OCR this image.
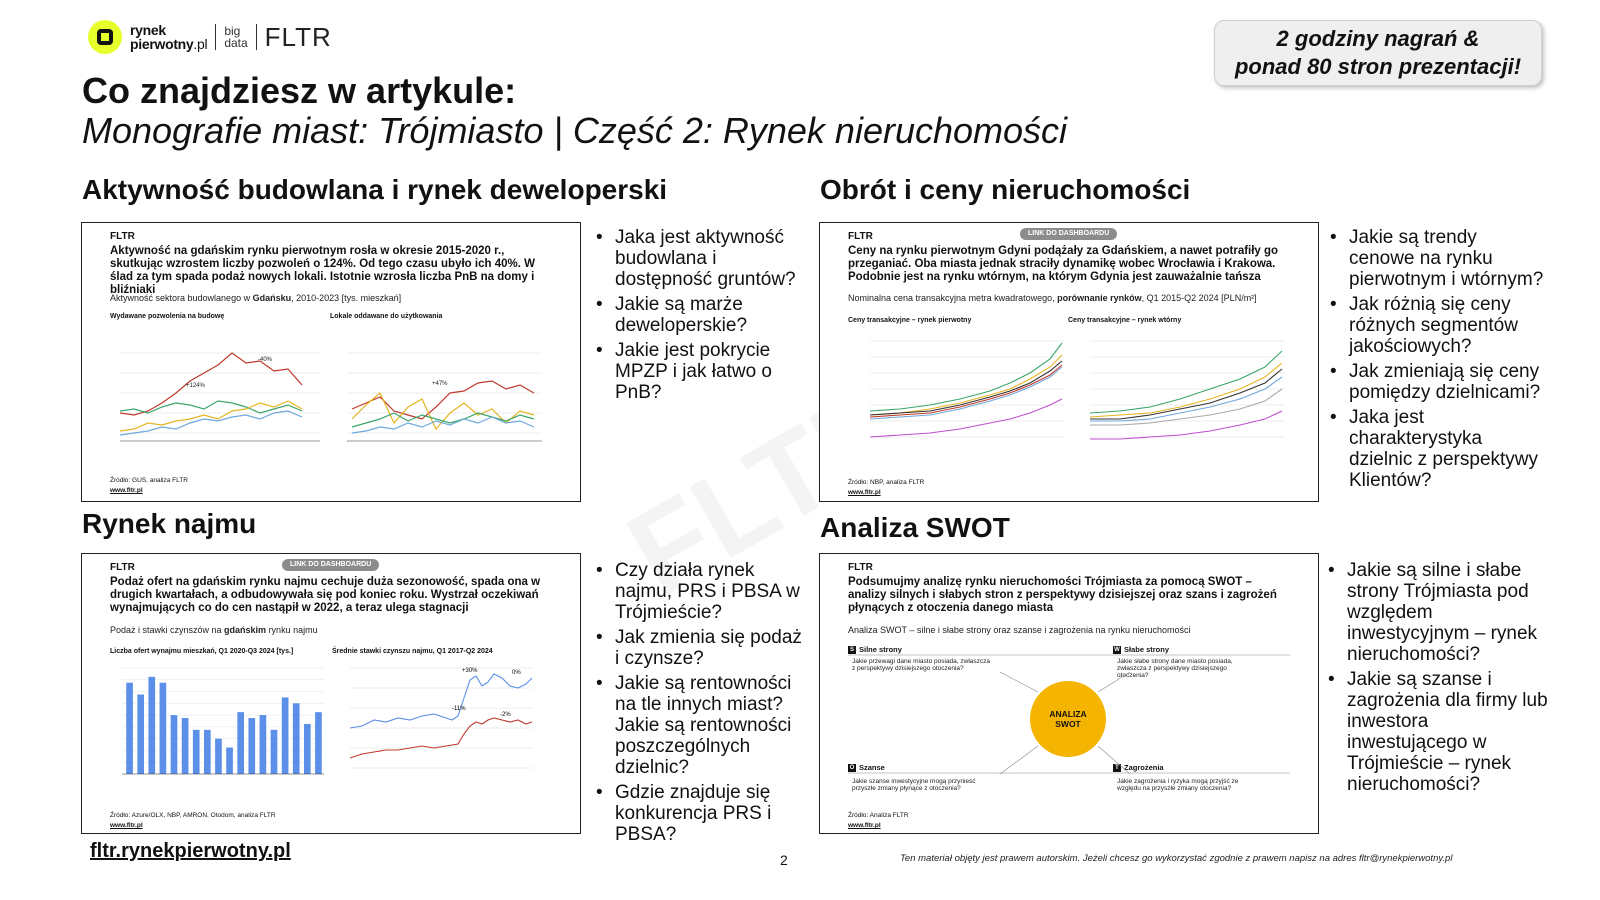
rynek
pierwotny.pl
big
data FLTR	2 godziny nagrań &
ponad 80 stron prezentacji!
Co znajdziesz w artykule:
Monografie miast: Trójmiasto | Część 2: Rynek nieruchomości
Aktywność budowlana i rynek deweloperski
FLTR
Aktywność na gdańskim rynku pierwotnym rosła w okresie 2015-2020 r., skutkując wzrostem liczby pozwoleń o 124%. Od tego czasu ubyło ich 40%. W ślad za tym spada podaż nowych lokali. Istotnie wzrosła liczba PnB na domy i bliźniaki
Aktywność sektora budowlanego w Gdańsku, 2010-2023 [tys. mieszkań]
Wydawane pozwolenia na budowę	Lokale oddawane do użytkowania
+124%
-40%
+47%
Źródło: GUS, analiza FLTR
www.fltr.pl
• Jaka jest aktywność budowlana i dostępność gruntów?
• Jakie są marże deweloperskie?
• Jakie jest pokrycie MPZP i jak łatwo o PnB?
Obrót i ceny nieruchomości
FLTR	LINK DO DASHBOARDU
Ceny na rynku pierwotnym Gdyni podążały za Gdańskiem, a nawet potrafiły go przeganiać. Oba miasta jednak straciły dynamikę wobec Wrocławia i Krakowa. Podobnie jest na rynku wtórnym, na którym Gdynia jest zauważalnie tańsza
Nominalna cena transakcyjna metra kwadratowego, porównanie rynków, Q1 2015-Q2 2024 [PLN/m²]
Ceny transakcyjne – rynek pierwotny	Ceny transakcyjne – rynek wtórny
Źródło: NBP, analiza FLTR
www.fltr.pl
• Jakie są trendy cenowe na rynku pierwotnym i wtórnym?
• Jak różnią się ceny różnych segmentów jakościowych?
• Jak zmieniają się ceny pomiędzy dzielnicami?
• Jaka jest charakterystyka dzielnic z perspektywy Klientów?
Rynek najmu
FLTR	LINK DO DASHBOARDU
Podaż ofert na gdańskim rynku najmu cechuje duża sezonowość, spada ona w drugich kwartałach, a odbudowywała się pod koniec roku. Wystrzał oczekiwań wynajmujących co do cen nastąpił w 2022, a teraz ulega stagnacji
Podaż i stawki czynszów na gdańskim rynku najmu
Liczba ofert wynajmu mieszkań, Q1 2020-Q3 2024 [tys.]	Średnie stawki czynszu najmu, Q1 2017-Q2 2024
-11%
+30%	0%
-2%
Źródło: Azure/OLX, NBP, AMRON, Otodom, analiza FLTR
www.fltr.pl
• Czy działa rynek najmu, PRS i PBSA w Trójmieście?
• Jak zmienia się podaż i czynsze?
• Jakie są rentowności na tle innych miast? Jakie są rentowności poszczególnych dzielnic?
• Gdzie znajduje się konkurencja PRS i PBSA?
Analiza SWOT
FLTR
Podsumujmy analizę rynku nieruchomości Trójmiasta za pomocą SWOT – analizy silnych i słabych stron z perspektywy dzisiejszej oraz szans i zagrożeń płynących z otoczenia danego miasta
Analiza SWOT – silne i słabe strony oraz szanse i zagrożenia na rynku nieruchomości
S Silne strony
Jakie przewagi dane miasto posiada, zwłaszcza z perspektywy dzisiejszego otoczenia?
W Słabe strony
Jakie słabe strony dane miasto posiada, zwłaszcza z perspektywy dzisiejszego otoczenia?
O Szanse
Jakie szanse inwestycyjne mogą przynieść przyszłe zmiany płynące z otoczenia?
T Zagrożenia
Jakie zagrożenia i ryzyka mogą przyjść ze względu na przyszłe zmiany otoczenia?
ANALIZA SWOT
Źródło: Analiza FLTR
www.fltr.pl
• Jakie są silne i słabe strony Trójmiasta pod względem inwestycyjnym – rynek nieruchomości?
• Jakie są szanse i zagrożenia dla firmy lub inwestora inwestującego w Trójmieście – rynek nieruchomości?
fltr.rynekpierwotny.pl	2	Ten materiał objęty jest prawem autorskim. Jeżeli chcesz go wykorzystać zgodnie z prawem napisz na adres fltr@rynekpierwotny.pl
